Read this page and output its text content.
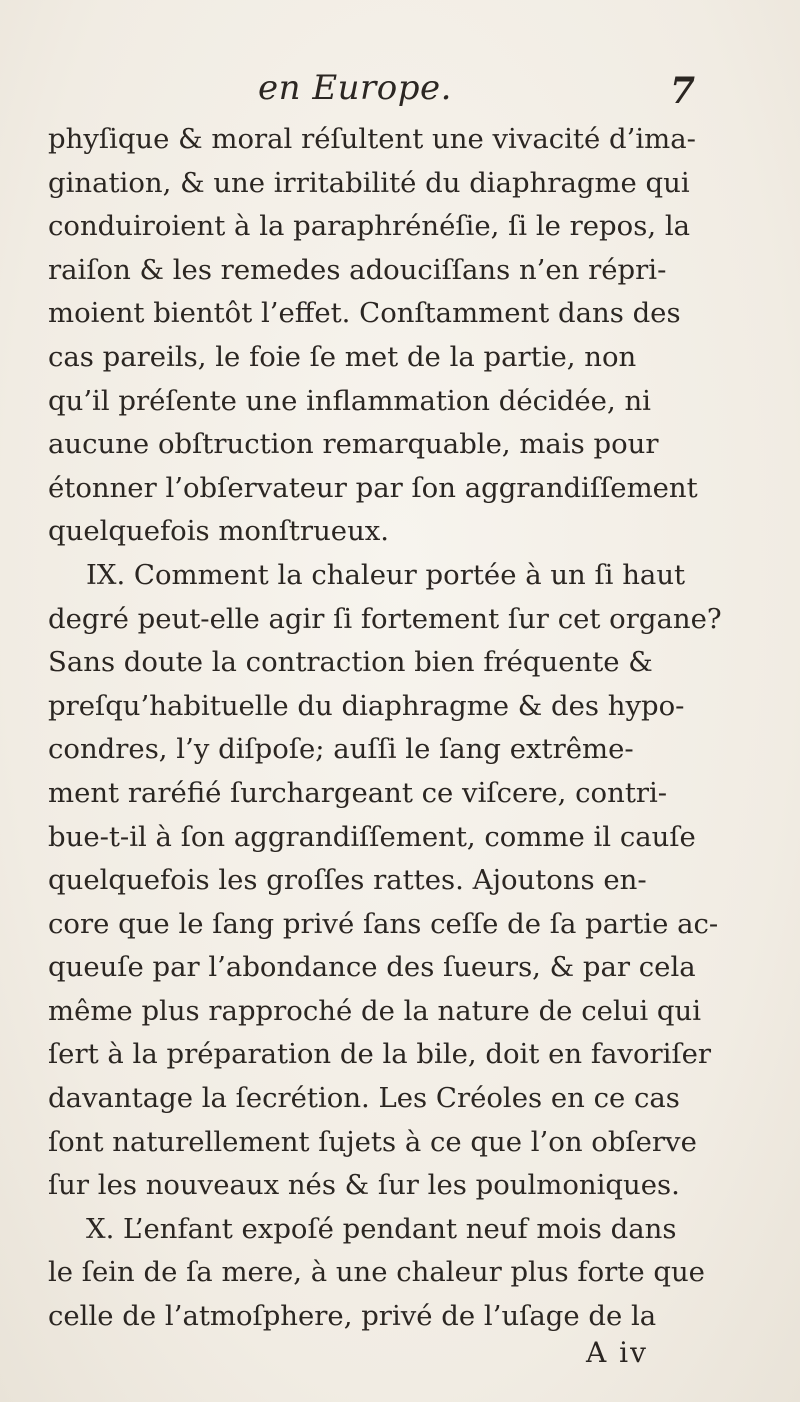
en Europe.	7
phyſique & moral réſultent une vivacité d’ima-
gination, & une irritabilité du diaphragme qui
conduiroient à la paraphrénéſie, ſi le repos, la
raiſon & les remedes adouciſſans n’en répri-
moient bientôt l’effet. Conſtamment dans des
cas pareils, le foie ſe met de la partie, non
qu’il préſente une inflammation décidée, ni
aucune obſtruction remarquable, mais pour
étonner l’obſervateur par ſon aggrandiſſement
quelquefois monſtrueux.
IX. Comment la chaleur portée à un ſi haut
degré peut-elle agir ſi fortement ſur cet organe?
Sans doute la contraction bien fréquente &
preſqu’habituelle du diaphragme & des hypo-
condres, l’y diſpoſe; auſſi le ſang extrême-
ment raréfié ſurchargeant ce viſcere, contri-
bue-t-il à ſon aggrandiſſement, comme il cauſe
quelquefois les groſſes rattes. Ajoutons en-
core que le ſang privé ſans ceſſe de ſa partie ac-
queuſe par l’abondance des ſueurs, & par cela
même plus rapproché de la nature de celui qui
ſert à la préparation de la bile, doit en favoriſer
davantage la ſecrétion. Les Créoles en ce cas
ſont naturellement ſujets à ce que l’on obſerve
ſur les nouveaux nés & ſur les poulmoniques.
X. L’enfant expoſé pendant neuf mois dans
le ſein de ſa mere, à une chaleur plus forte que
celle de l’atmoſphere, privé de l’uſage de la
A iv
